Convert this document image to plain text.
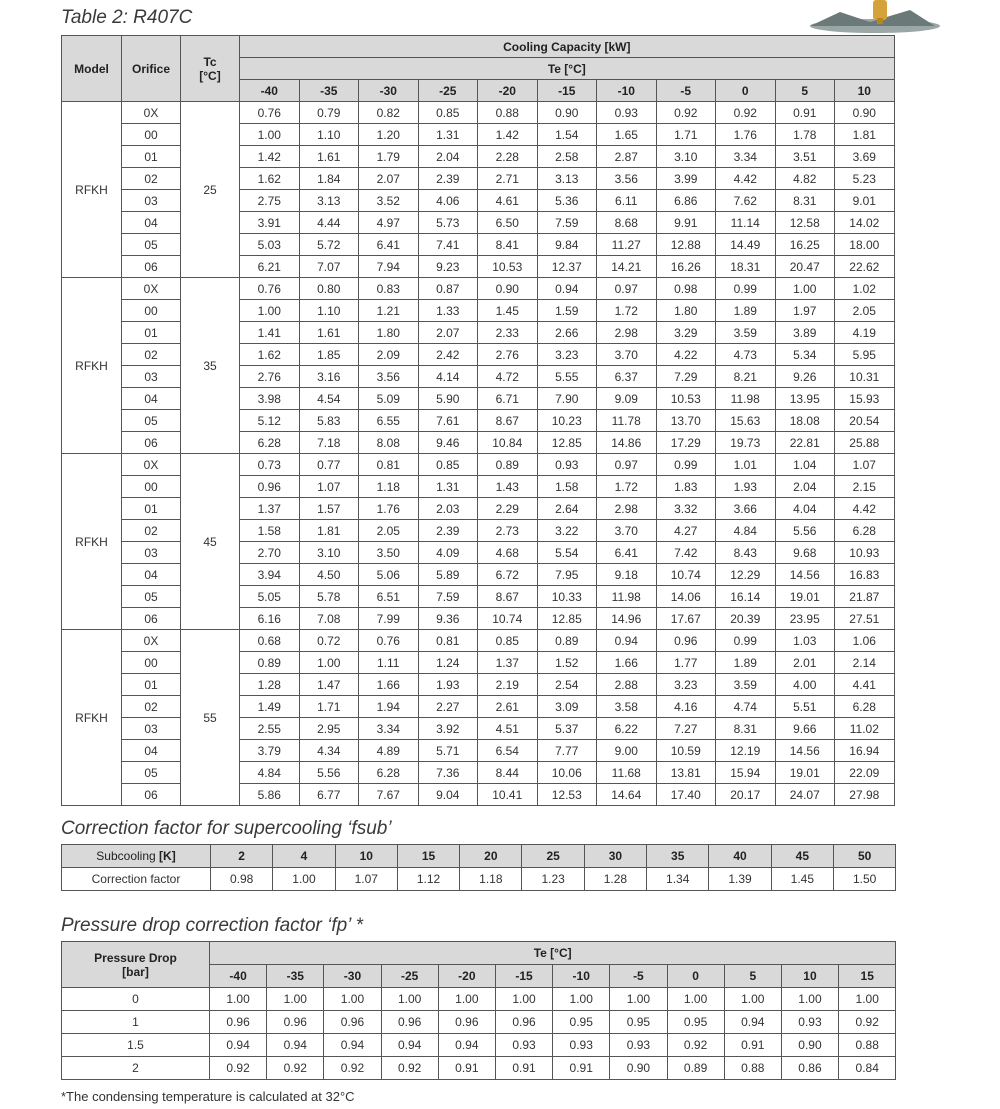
Table 2: R407C
Model	Orifice	Tc
[°C]	Cooling Capacity [kW]										
			Te [°C]										
			-40	-35	-30	-25	-20	-15	-10	-5	0	5	10
RFKH	0X	25	0.76	0.79	0.82	0.85	0.88	0.90	0.93	0.92	0.92	0.91	0.90
	00		1.00	1.10	1.20	1.31	1.42	1.54	1.65	1.71	1.76	1.78	1.81
	01		1.42	1.61	1.79	2.04	2.28	2.58	2.87	3.10	3.34	3.51	3.69
	02		1.62	1.84	2.07	2.39	2.71	3.13	3.56	3.99	4.42	4.82	5.23
	03		2.75	3.13	3.52	4.06	4.61	5.36	6.11	6.86	7.62	8.31	9.01
	04		3.91	4.44	4.97	5.73	6.50	7.59	8.68	9.91	11.14	12.58	14.02
	05		5.03	5.72	6.41	7.41	8.41	9.84	11.27	12.88	14.49	16.25	18.00
	06		6.21	7.07	7.94	9.23	10.53	12.37	14.21	16.26	18.31	20.47	22.62
RFKH	0X	35	0.76	0.80	0.83	0.87	0.90	0.94	0.97	0.98	0.99	1.00	1.02
	00		1.00	1.10	1.21	1.33	1.45	1.59	1.72	1.80	1.89	1.97	2.05
	01		1.41	1.61	1.80	2.07	2.33	2.66	2.98	3.29	3.59	3.89	4.19
	02		1.62	1.85	2.09	2.42	2.76	3.23	3.70	4.22	4.73	5.34	5.95
	03		2.76	3.16	3.56	4.14	4.72	5.55	6.37	7.29	8.21	9.26	10.31
	04		3.98	4.54	5.09	5.90	6.71	7.90	9.09	10.53	11.98	13.95	15.93
	05		5.12	5.83	6.55	7.61	8.67	10.23	11.78	13.70	15.63	18.08	20.54
	06		6.28	7.18	8.08	9.46	10.84	12.85	14.86	17.29	19.73	22.81	25.88
RFKH	0X	45	0.73	0.77	0.81	0.85	0.89	0.93	0.97	0.99	1.01	1.04	1.07
	00		0.96	1.07	1.18	1.31	1.43	1.58	1.72	1.83	1.93	2.04	2.15
	01		1.37	1.57	1.76	2.03	2.29	2.64	2.98	3.32	3.66	4.04	4.42
	02		1.58	1.81	2.05	2.39	2.73	3.22	3.70	4.27	4.84	5.56	6.28
	03		2.70	3.10	3.50	4.09	4.68	5.54	6.41	7.42	8.43	9.68	10.93
	04		3.94	4.50	5.06	5.89	6.72	7.95	9.18	10.74	12.29	14.56	16.83
	05		5.05	5.78	6.51	7.59	8.67	10.33	11.98	14.06	16.14	19.01	21.87
	06		6.16	7.08	7.99	9.36	10.74	12.85	14.96	17.67	20.39	23.95	27.51
RFKH	0X	55	0.68	0.72	0.76	0.81	0.85	0.89	0.94	0.96	0.99	1.03	1.06
	00		0.89	1.00	1.11	1.24	1.37	1.52	1.66	1.77	1.89	2.01	2.14
	01		1.28	1.47	1.66	1.93	2.19	2.54	2.88	3.23	3.59	4.00	4.41
	02		1.49	1.71	1.94	2.27	2.61	3.09	3.58	4.16	4.74	5.51	6.28
	03		2.55	2.95	3.34	3.92	4.51	5.37	6.22	7.27	8.31	9.66	11.02
	04		3.79	4.34	4.89	5.71	6.54	7.77	9.00	10.59	12.19	14.56	16.94
	05		4.84	5.56	6.28	7.36	8.44	10.06	11.68	13.81	15.94	19.01	22.09
	06		5.86	6.77	7.67	9.04	10.41	12.53	14.64	17.40	20.17	24.07	27.98
Correction factor for supercooling ‘fsub’
Subcooling [K]	2	4	10	15	20	25	30	35	40	45	50
Correction factor	0.98	1.00	1.07	1.12	1.18	1.23	1.28	1.34	1.39	1.45	1.50
Pressure drop correction factor ‘fp’ *
Pressure Drop
[bar]	Te [°C]											
	-40	-35	-30	-25	-20	-15	-10	-5	0	5	10	15
0	1.00	1.00	1.00	1.00	1.00	1.00	1.00	1.00	1.00	1.00	1.00	1.00
1	0.96	0.96	0.96	0.96	0.96	0.96	0.95	0.95	0.95	0.94	0.93	0.92
1.5	0.94	0.94	0.94	0.94	0.94	0.93	0.93	0.93	0.92	0.91	0.90	0.88
2	0.92	0.92	0.92	0.92	0.91	0.91	0.91	0.90	0.89	0.88	0.86	0.84
*The condensing temperature is calculated at 32°C
